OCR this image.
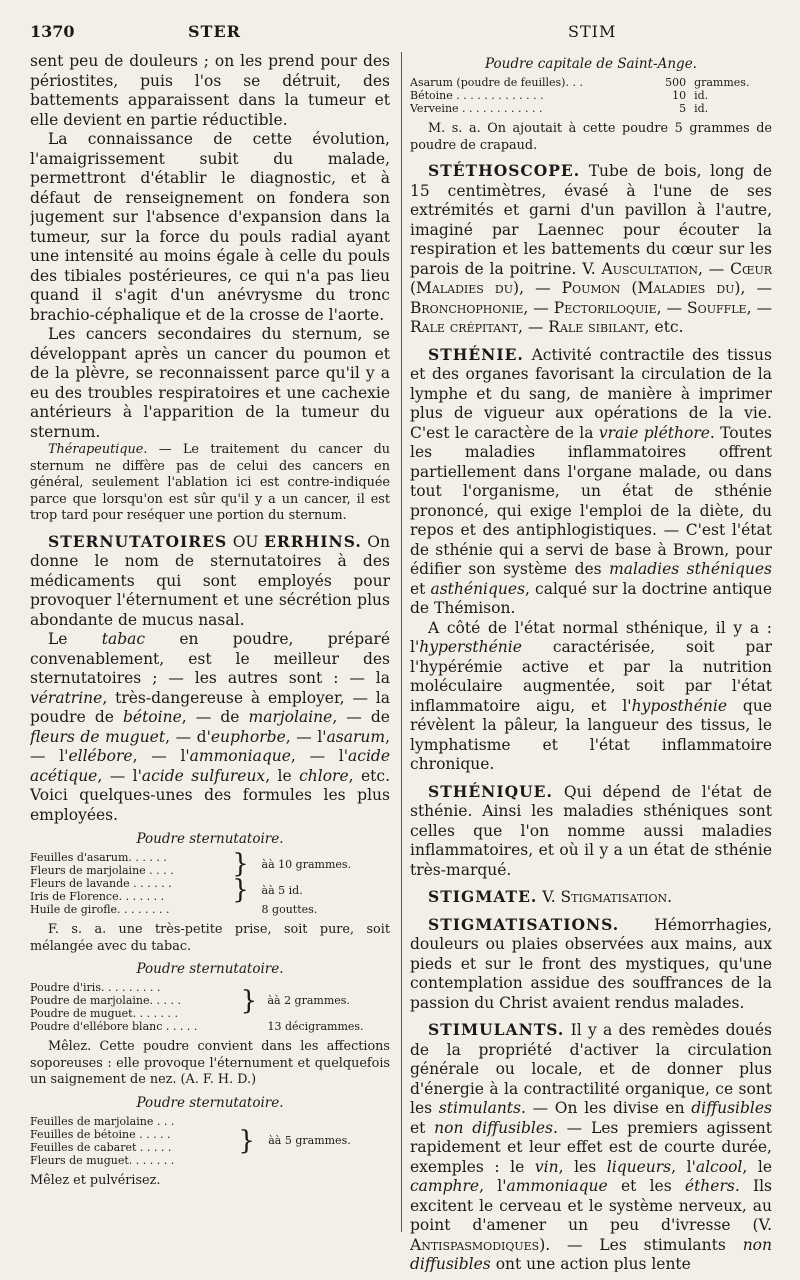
1370	STER	STIM

sent peu de douleurs ; on les prend pour des périostites, puis l'os se détruit, des battements apparaissent dans la tumeur et elle devient en partie réductible.

La connaissance de cette évolution, l'amaigrissement subit du malade, permettront d'établir le diagnostic, et à défaut de renseignement on fondera son jugement sur l'absence d'expansion dans la tumeur, sur la force du pouls radial ayant une intensité au moins égale à celle du pouls des tibiales postérieures, ce qui n'a pas lieu quand il s'agit d'un anévrysme du tronc brachio-céphalique et de la crosse de l'aorte.

Les cancers secondaires du sternum, se développant après un cancer du poumon et de la plèvre, se reconnaissent parce qu'il y a eu des troubles respiratoires et une cachexie antérieurs à l'apparition de la tumeur du sternum.

Thérapeutique. — Le traitement du cancer du sternum ne diffère pas de celui des cancers en général, seulement l'ablation ici est contre-indiquée parce que lorsqu'on est sûr qu'il y a un cancer, il est trop tard pour reséquer une portion du sternum.

STERNUTATOIRES OU ERRHINS. On donne le nom de sternutatoires à des médicaments qui sont employés pour provoquer l'éternument et une sécrétion plus abondante de mucus nasal.

Le tabac en poudre, préparé convenablement, est le meilleur des sternutatoires ; — les autres sont : — la vératrine, très-dangereuse à employer, — la poudre de bétoine, — de marjolaine, — de fleurs de muguet, — d'euphorbe, — l'asarum, — l'ellébore, — l'ammoniaque, — l'acide acétique, — l'acide sulfureux, le chlore, etc. Voici quelques-unes des formules les plus employées.

Poudre sternutatoire.
Feuilles d'asarum. . . . . .	}	àà 10 grammes.
Fleurs de marjolaine . . . .		
Fleurs de lavande . . . . . .	}	àà 5 id.
Iris de Florence. . . . . . .		
Huile de girofle. . . . . . . .		8 gouttes.

F. s. a. une très-petite prise, soit pure, soit mélangée avec du tabac.

Poudre sternutatoire.
Poudre d'iris. . . . . . . . .	}	àà 2 grammes.
Poudre de marjolaine. . . . .		
Poudre de muguet. . . . . . .		
Poudre d'ellébore blanc . . . . .		13 décigrammes.

Mêlez. Cette poudre convient dans les affections soporeuses : elle provoque l'éternument et quelquefois un saignement de nez. (A. F. H. D.)

Poudre sternutatoire.
Feuilles de marjolaine . . .	}	àà 5 grammes.
Feuilles de bétoine . . . . .
Feuilles de cabaret . . . . .
Fleurs de muguet. . . . . . .

Mêlez et pulvérisez.

Poudre capitale de Saint-Ange.
Asarum (poudre de feuilles). . .	500	grammes.
Bétoine . . . . . . . . . . . . .	10	id.
Verveine . . . . . . . . . . . .	5	id.

M. s. a. On ajoutait à cette poudre 5 grammes de poudre de crapaud.

STÉTHOSCOPE. Tube de bois, long de 15 centimètres, évasé à l'une de ses extrémités et garni d'un pavillon à l'autre, imaginé par Laennec pour écouter la respiration et les battements du cœur sur les parois de la poitrine. V. Auscultation, — Cœur (Maladies du), — Poumon (Maladies du), — Bronchophonie, — Pectoriloquie, — Souffle, — Rale crépitant, — Rale sibilant, etc.

STHÉNIE. Activité contractile des tissus et des organes favorisant la circulation de la lymphe et du sang, de manière à imprimer plus de vigueur aux opérations de la vie. C'est le caractère de la vraie pléthore. Toutes les maladies inflammatoires offrent partiellement dans l'organe malade, ou dans tout l'organisme, un état de sthénie prononcé, qui exige l'emploi de la diète, du repos et des antiphlogistiques. — C'est l'état de sthénie qui a servi de base à Brown, pour édifier son système des maladies sthéniques et asthéniques, calqué sur la doctrine antique de Thémison.

A côté de l'état normal sthénique, il y a : l'hypersthénie caractérisée, soit par l'hypérémie active et par la nutrition moléculaire augmentée, soit par l'état inflammatoire aigu, et l'hyposthénie que révèlent la pâleur, la langueur des tissus, le lymphatisme et l'état inflammatoire chronique.

STHÉNIQUE. Qui dépend de l'état de sthénie. Ainsi les maladies sthéniques sont celles que l'on nomme aussi maladies inflammatoires, et où il y a un état de sthénie très-marqué.

STIGMATE. V. Stigmatisation.

STIGMATISATIONS. Hémorrhagies, douleurs ou plaies observées aux mains, aux pieds et sur le front des mystiques, qu'une contemplation assidue des souffrances de la passion du Christ avaient rendus malades.

STIMULANTS. Il y a des remèdes doués de la propriété d'activer la circulation générale ou locale, et de donner plus d'énergie à la contractilité organique, ce sont les stimulants. — On les divise en diffusibles et non diffusibles. — Les premiers agissent rapidement et leur effet est de courte durée, exemples : le vin, les liqueurs, l'alcool, le camphre, l'ammoniaque et les éthers. Ils excitent le cerveau et le système nerveux, au point d'amener un peu d'ivresse (V. Antispasmodiques). — Les stimulants non diffusibles ont une action plus lente
